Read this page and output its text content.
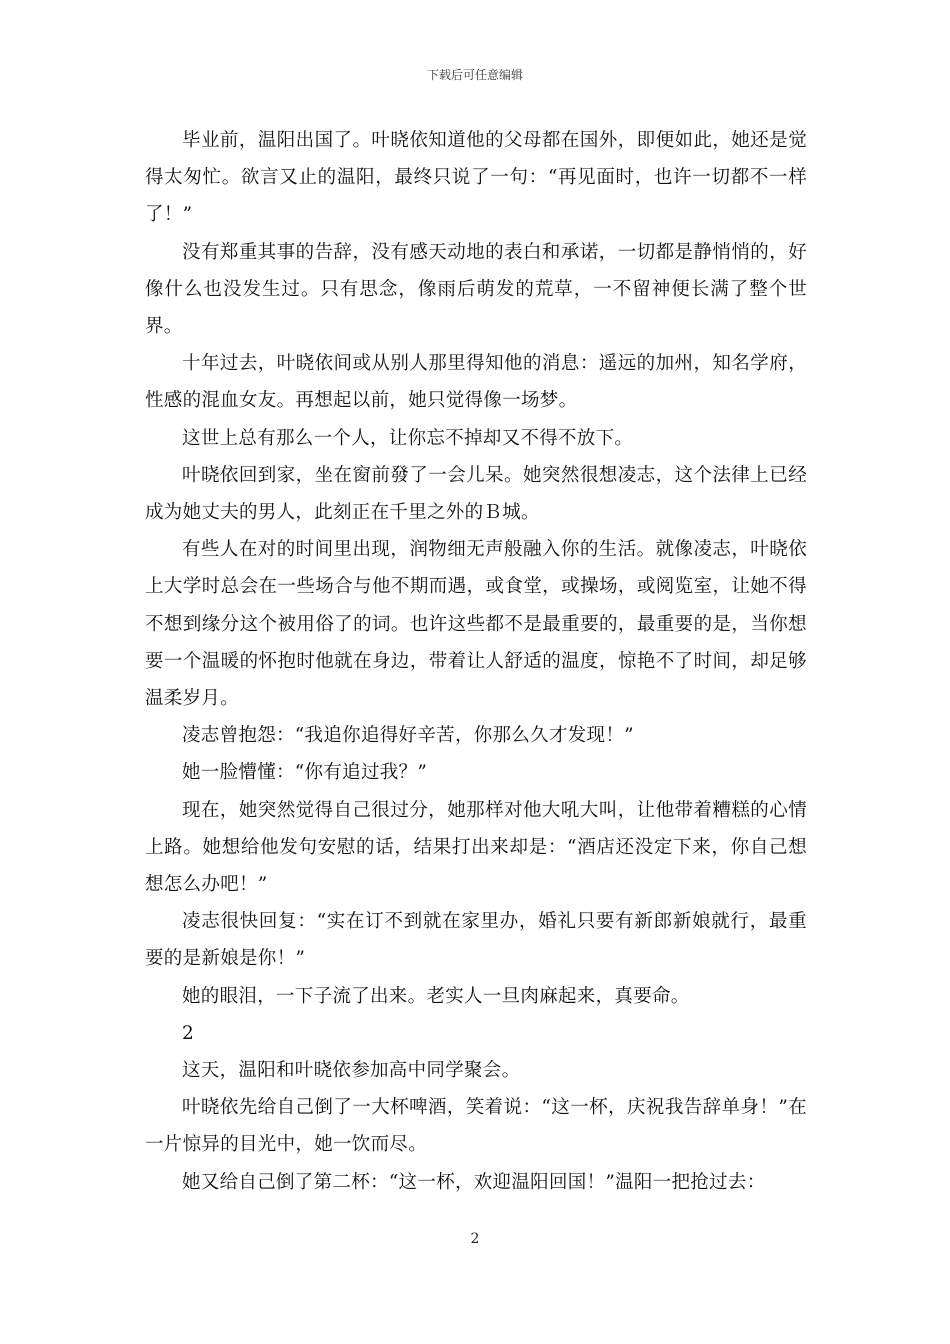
下载后可任意编辑

毕业前，温阳出国了。叶晓依知道他的父母都在国外，即便如此，她还是觉得太匆忙。欲言又止的温阳，最终只说了一句：“再见面时，也许一切都不一样了！”

没有郑重其事的告辞，没有感天动地的表白和承诺，一切都是静悄悄的，好像什么也没发生过。只有思念，像雨后萌发的荒草，一不留神便长满了整个世界。

十年过去，叶晓依间或从别人那里得知他的消息：遥远的加州，知名学府，性感的混血女友。再想起以前，她只觉得像一场梦。

这世上总有那么一个人，让你忘不掉却又不得不放下。

叶晓依回到家，坐在窗前發了一会儿呆。她突然很想凌志，这个法律上已经成为她丈夫的男人，此刻正在千里之外的Ｂ城。

有些人在对的时间里出现，润物细无声般融入你的生活。就像凌志，叶晓依上大学时总会在一些场合与他不期而遇，或食堂，或操场，或阅览室，让她不得不想到缘分这个被用俗了的词。也许这些都不是最重要的，最重要的是，当你想要一个温暖的怀抱时他就在身边，带着让人舒适的温度，惊艳不了时间，却足够温柔岁月。

凌志曾抱怨：“我追你追得好辛苦，你那么久才发现！”

她一脸懵懂：“你有追过我？”

现在，她突然觉得自己很过分，她那样对他大吼大叫，让他带着糟糕的心情上路。她想给他发句安慰的话，结果打出来却是：“酒店还没定下来，你自己想想怎么办吧！”

凌志很快回复：“实在订不到就在家里办，婚礼只要有新郎新娘就行，最重要的是新娘是你！”

她的眼泪，一下子流了出来。老实人一旦肉麻起来，真要命。

2

这天，温阳和叶晓依参加高中同学聚会。

叶晓依先给自己倒了一大杯啤酒，笑着说：“这一杯，庆祝我告辞单身！”在一片惊异的目光中，她一饮而尽。

她又给自己倒了第二杯：“这一杯，欢迎温阳回国！”温阳一把抢过去：

2
